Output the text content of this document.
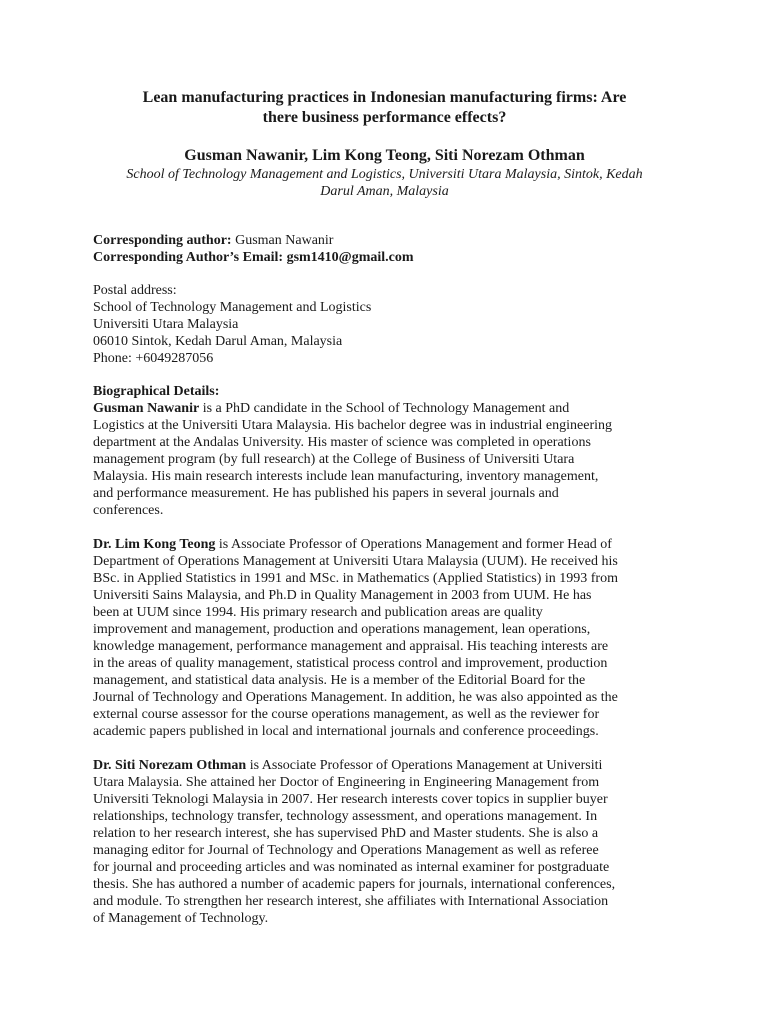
Lean manufacturing practices in Indonesian manufacturing firms: Are
there business performance effects?

Gusman Nawanir, Lim Kong Teong, Siti Norezam Othman

School of Technology Management and Logistics, Universiti Utara Malaysia, Sintok, Kedah
Darul Aman, Malaysia

Corresponding author: Gusman Nawanir
Corresponding Author’s Email: gsm1410@gmail.com
Postal address:
School of Technology Management and Logistics
Universiti Utara Malaysia
06010 Sintok, Kedah Darul Aman, Malaysia
Phone: +6049287056
Biographical Details:
Gusman Nawanir is a PhD candidate in the School of Technology Management and
Logistics at the Universiti Utara Malaysia. His bachelor degree was in industrial engineering
department at the Andalas University. His master of science was completed in operations
management program (by full research) at the College of Business of Universiti Utara
Malaysia. His main research interests include lean manufacturing, inventory management,
and performance measurement. He has published his papers in several journals and
conferences.
Dr. Lim Kong Teong is Associate Professor of Operations Management and former Head of
Department of Operations Management at Universiti Utara Malaysia (UUM). He received his
BSc. in Applied Statistics in 1991 and MSc. in Mathematics (Applied Statistics) in 1993 from
Universiti Sains Malaysia, and Ph.D in Quality Management in 2003 from UUM. He has
been at UUM since 1994. His primary research and publication areas are quality
improvement and management, production and operations management, lean operations,
knowledge management, performance management and appraisal. His teaching interests are
in the areas of quality management, statistical process control and improvement, production
management, and statistical data analysis. He is a member of the Editorial Board for the
Journal of Technology and Operations Management. In addition, he was also appointed as the
external course assessor for the course operations management, as well as the reviewer for
academic papers published in local and international journals and conference proceedings.
Dr. Siti Norezam Othman is Associate Professor of Operations Management at Universiti
Utara Malaysia. She attained her Doctor of Engineering in Engineering Management from
Universiti Teknologi Malaysia in 2007. Her research interests cover topics in supplier buyer
relationships, technology transfer, technology assessment, and operations management. In
relation to her research interest, she has supervised PhD and Master students. She is also a
managing editor for Journal of Technology and Operations Management as well as referee
for journal and proceeding articles and was nominated as internal examiner for postgraduate
thesis. She has authored a number of academic papers for journals, international conferences,
and module. To strengthen her research interest, she affiliates with International Association
of Management of Technology.
